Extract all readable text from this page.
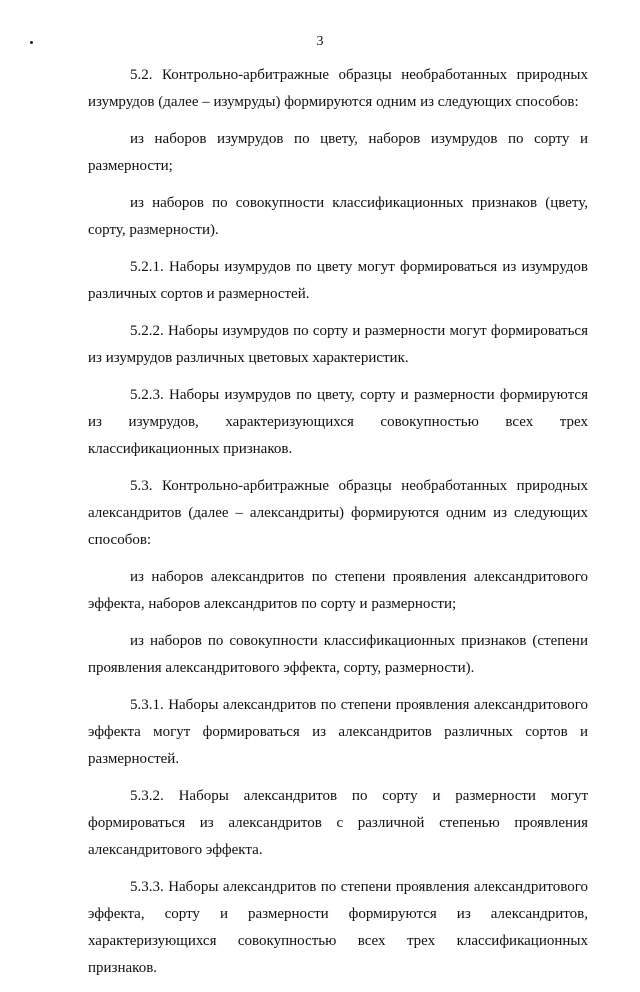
3

5.2. Контрольно-арбитражные образцы необработанных природных
изумрудов (далее – изумруды) формируются одним из следующих способов:

из наборов изумрудов по цвету, наборов изумрудов по сорту и
размерности;

из наборов по совокупности классификационных признаков (цвету,
сорту, размерности).

5.2.1. Наборы изумрудов по цвету могут формироваться из изумрудов
различных сортов и размерностей.

5.2.2. Наборы изумрудов по сорту и размерности могут формироваться
из изумрудов различных цветовых характеристик.

5.2.3. Наборы изумрудов по цвету, сорту и размерности формируются
из изумрудов, характеризующихся совокупностью всех трех
классификационных признаков.

5.3. Контрольно-арбитражные образцы необработанных природных
александритов (далее – александриты) формируются одним из следующих
способов:

из наборов александритов по степени проявления александритового
эффекта, наборов александритов по сорту и размерности;

из наборов по совокупности классификационных признаков (степени
проявления александритового эффекта, сорту, размерности).

5.3.1. Наборы александритов по степени проявления александритового
эффекта могут формироваться из александритов различных сортов и
размерностей.

5.3.2. Наборы александритов по сорту и размерности могут
формироваться из александритов с различной степенью проявления
александритового эффекта.

5.3.3. Наборы александритов по степени проявления александритового
эффекта, сорту и размерности формируются из александритов,
характеризующихся совокупностью всех трех классификационных
признаков.
